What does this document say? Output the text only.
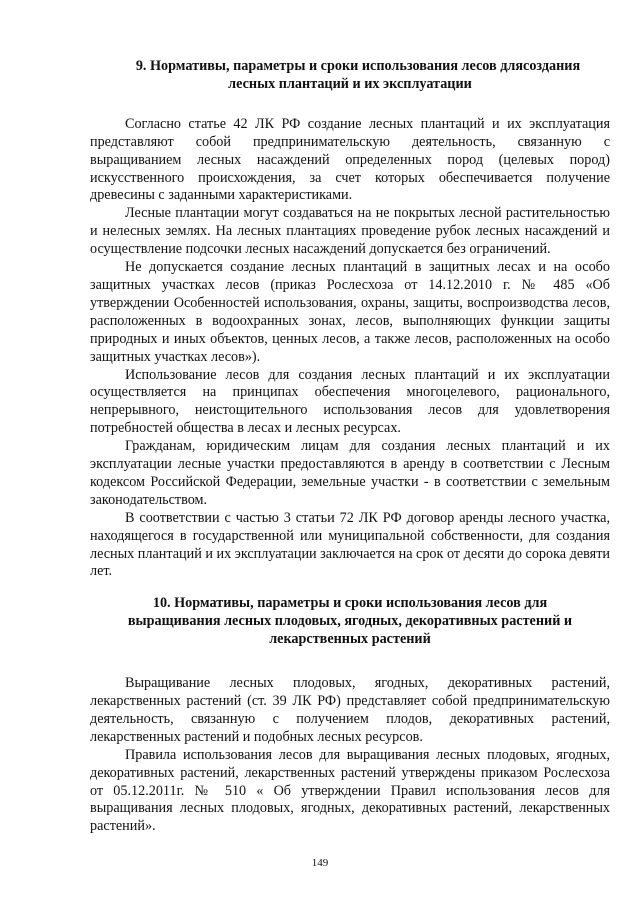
9. Нормативы, параметры и сроки использования лесов длясоздания

лесных плантаций и их эксплуатации

Согласно статье 42 ЛК РФ создание лесных плантаций и их эксплуатация представляют собой предпринимательскую деятельность, связанную с выращиванием лесных насаждений определенных пород (целевых пород) искусственного происхождения, за счет которых обеспечивается получение древесины с заданными характеристиками.

Лесные плантации могут создаваться на не покрытых лесной растительностью и нелесных землях. На лесных плантациях проведение рубок лесных насаждений и осуществление подсочки лесных насаждений допускается без ограничений.

Не допускается создание лесных плантаций в защитных лесах и на особо защитных участках лесов (приказ Рослесхоза от 14.12.2010 г. № 485 «Об утверждении Особенностей использования, охраны, защиты, воспроизводства лесов, расположенных в водоохранных зонах, лесов, выполняющих функции защиты природных и иных объектов, ценных лесов, а также лесов, расположенных на особо защитных участках лесов»).

Использование лесов для создания лесных плантаций и их эксплуатации осуществляется на принципах обеспечения многоцелевого, рационального, непрерывного, неистощительного использования лесов для удовлетворения потребностей общества в лесах и лесных ресурсах.

Гражданам, юридическим лицам для создания лесных плантаций и их эксплуатации лесные участки предоставляются в аренду в соответствии с Лесным кодексом Российской Федерации, земельные участки - в соответствии с земельным законодательством.

В соответствии с частью 3 статьи 72 ЛК РФ договор аренды лесного участка, находящегося в государственной или муниципальной собственности, для создания лесных плантаций и их эксплуатации заключается на срок от десяти до сорока девяти лет.

10. Нормативы, параметры и сроки использования лесов для

выращивания лесных плодовых, ягодных, декоративных растений и

лекарственных растений

Выращивание лесных плодовых, ягодных, декоративных растений, лекарственных растений (ст. 39 ЛК РФ) представляет собой предпринимательскую деятельность, связанную с получением плодов, декоративных растений, лекарственных растений и подобных лесных ресурсов.

Правила использования лесов для выращивания лесных плодовых, ягодных, декоративных растений, лекарственных растений утверждены приказом Рослесхоза от 05.12.2011г. № 510 « Об утверждении Правил использования лесов для выращивания лесных плодовых, ягодных, декоративных растений, лекарственных растений».

149
